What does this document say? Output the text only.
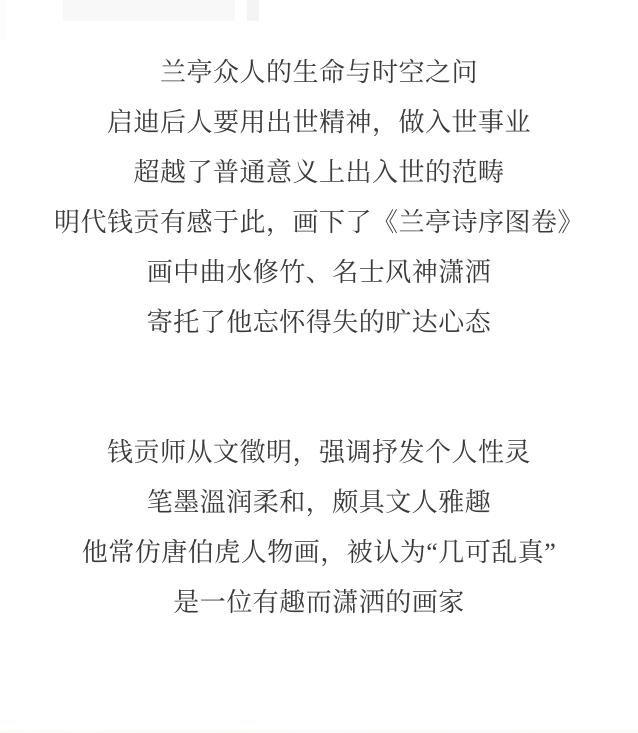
兰亭众人的生命与时空之问
启迪后人要用出世精神，做入世事业
超越了普通意义上出入世的范畴
明代钱贡有感于此，画下了《兰亭诗序图卷》
画中曲水修竹、名士风神潇洒
寄托了他忘怀得失的旷达心态
钱贡师从文徵明，强调抒发个人性灵
笔墨溫润柔和，颇具文人雅趣
他常仿唐伯虎人物画，被认为“几可乱真”
是一位有趣而潇洒的画家
